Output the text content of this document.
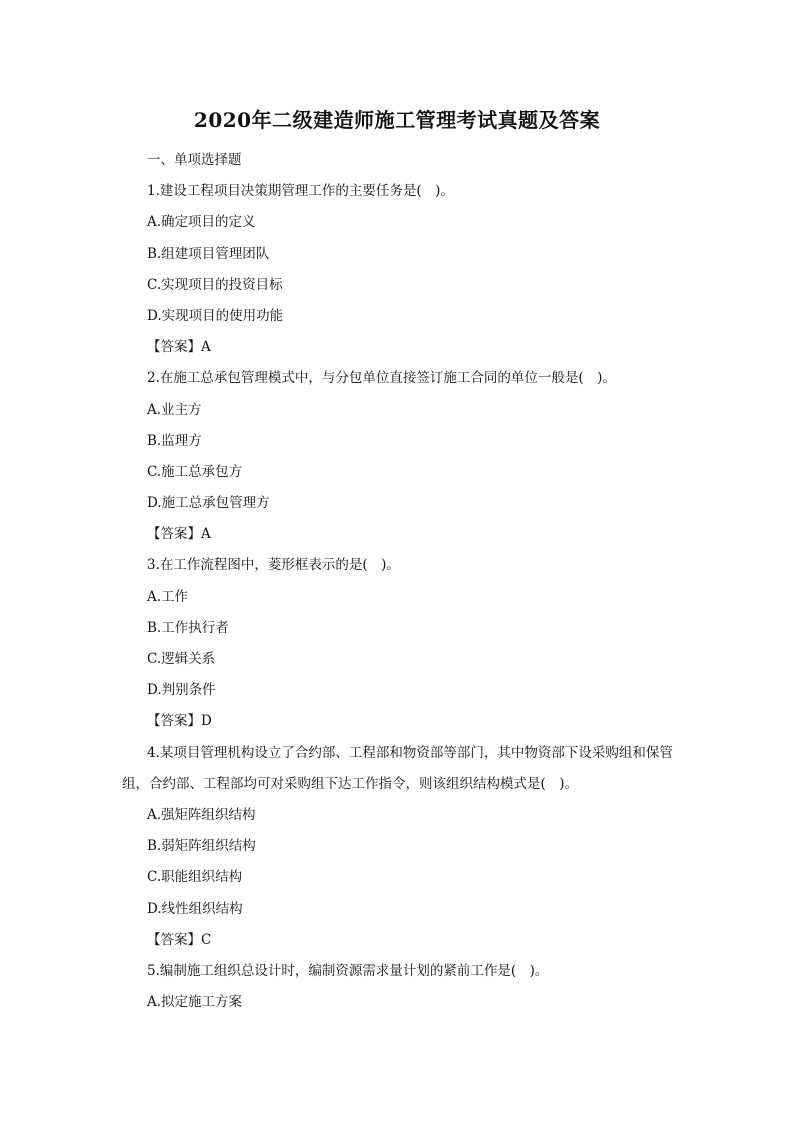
2020年二级建造师施工管理考试真题及答案
一、单项选择题
1.建设工程项目决策期管理工作的主要任务是(　)。
A.确定项目的定义
B.组建项目管理团队
C.实现项目的投资目标
D.实现项目的使用功能
【答案】A
2.在施工总承包管理模式中，与分包单位直接签订施工合同的单位一般是(　)。
A.业主方
B.监理方
C.施工总承包方
D.施工总承包管理方
【答案】A
3.在工作流程图中，菱形框表示的是(　)。
A.工作
B.工作执行者
C.逻辑关系
D.判别条件
【答案】D
4.某项目管理机构设立了合约部、工程部和物资部等部门，其中物资部下设采购组和保管组，合约部、工程部均可对采购组下达工作指令，则该组织结构模式是(　)。
A.强矩阵组织结构
B.弱矩阵组织结构
C.职能组织结构
D.线性组织结构
【答案】C
5.编制施工组织总设计时，编制资源需求量计划的紧前工作是(　)。
A.拟定施工方案
